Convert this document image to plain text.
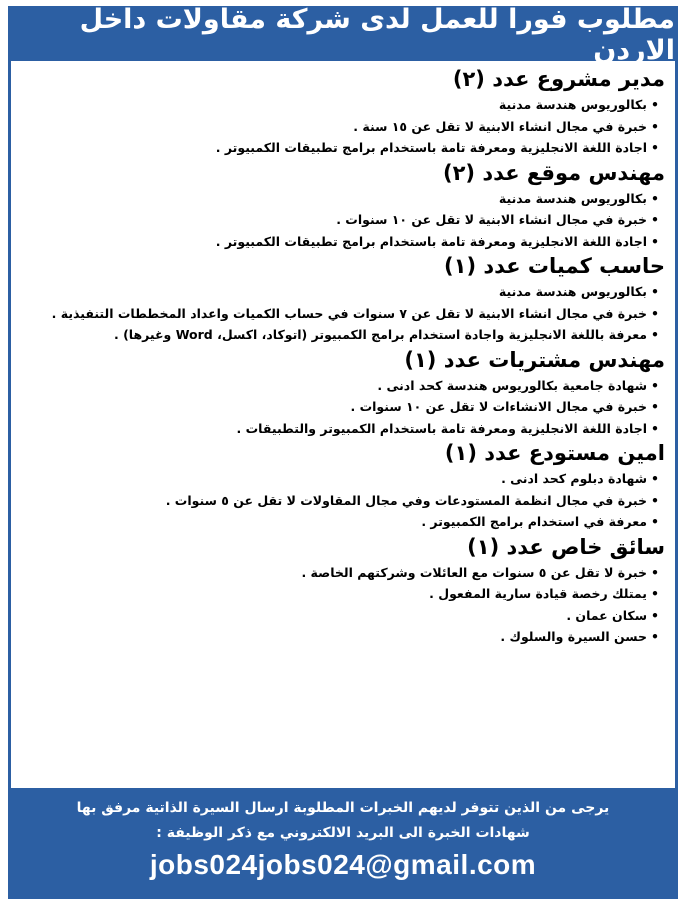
مطلوب فوراً للعمل لدى شركة مقاولات داخل الاردن
مدير مشروع عدد (٢)
• بكالوريوس هندسة مدنية
• خبرة في مجال انشاء الابنية لا تقل عن ١٥ سنة .
• اجادة اللغة الانجليزية ومعرفة تامة باستخدام برامج تطبيقات الكمبيوتر .
مهندس موقع عدد (٢)
• بكالوريوس هندسة مدنية
• خبرة في مجال انشاء الابنية لا تقل عن ١٠ سنوات .
• اجادة اللغة الانجليزية ومعرفة تامة باستخدام برامج تطبيقات الكمبيوتر .
حاسب كميات عدد (١)
• بكالوريوس هندسة مدنية
• خبرة في مجال انشاء الابنية لا تقل عن ٧ سنوات في حساب الكميات واعداد المخططات التنفيذية .
• معرفة باللغة الانجليزية واجادة استخدام برامج الكمبيوتر (اتوكاد، اكسل، Word وغيرها) .
مهندس مشتريات عدد (١)
• شهادة جامعية بكالوريوس هندسة كحد ادنى .
• خبرة في مجال الانشاءات لا تقل عن ١٠ سنوات .
• اجادة اللغة الانجليزية ومعرفة تامة باستخدام الكمبيوتر والتطبيقات .
امين مستودع عدد (١)
• شهادة دبلوم كحد ادنى .
• خبرة في مجال انظمة المستودعات وفي مجال المقاولات لا تقل عن ٥ سنوات .
• معرفة في استخدام برامج الكمبيوتر .
سائق خاص عدد (١)
• خبرة لا تقل عن ٥ سنوات مع العائلات وشركتهم الخاصة .
• يمتلك رخصة قيادة سارية المفعول .
• سكان عمان .
• حسن السيرة والسلوك .

يرجى من الذين تتوفر لديهم الخبرات المطلوبة ارسال السيرة الذاتية مرفق بها

شهادات الخبرة الى البريد الالكتروني مع ذكر الوظيفة :

jobs024jobs024@gmail.com
